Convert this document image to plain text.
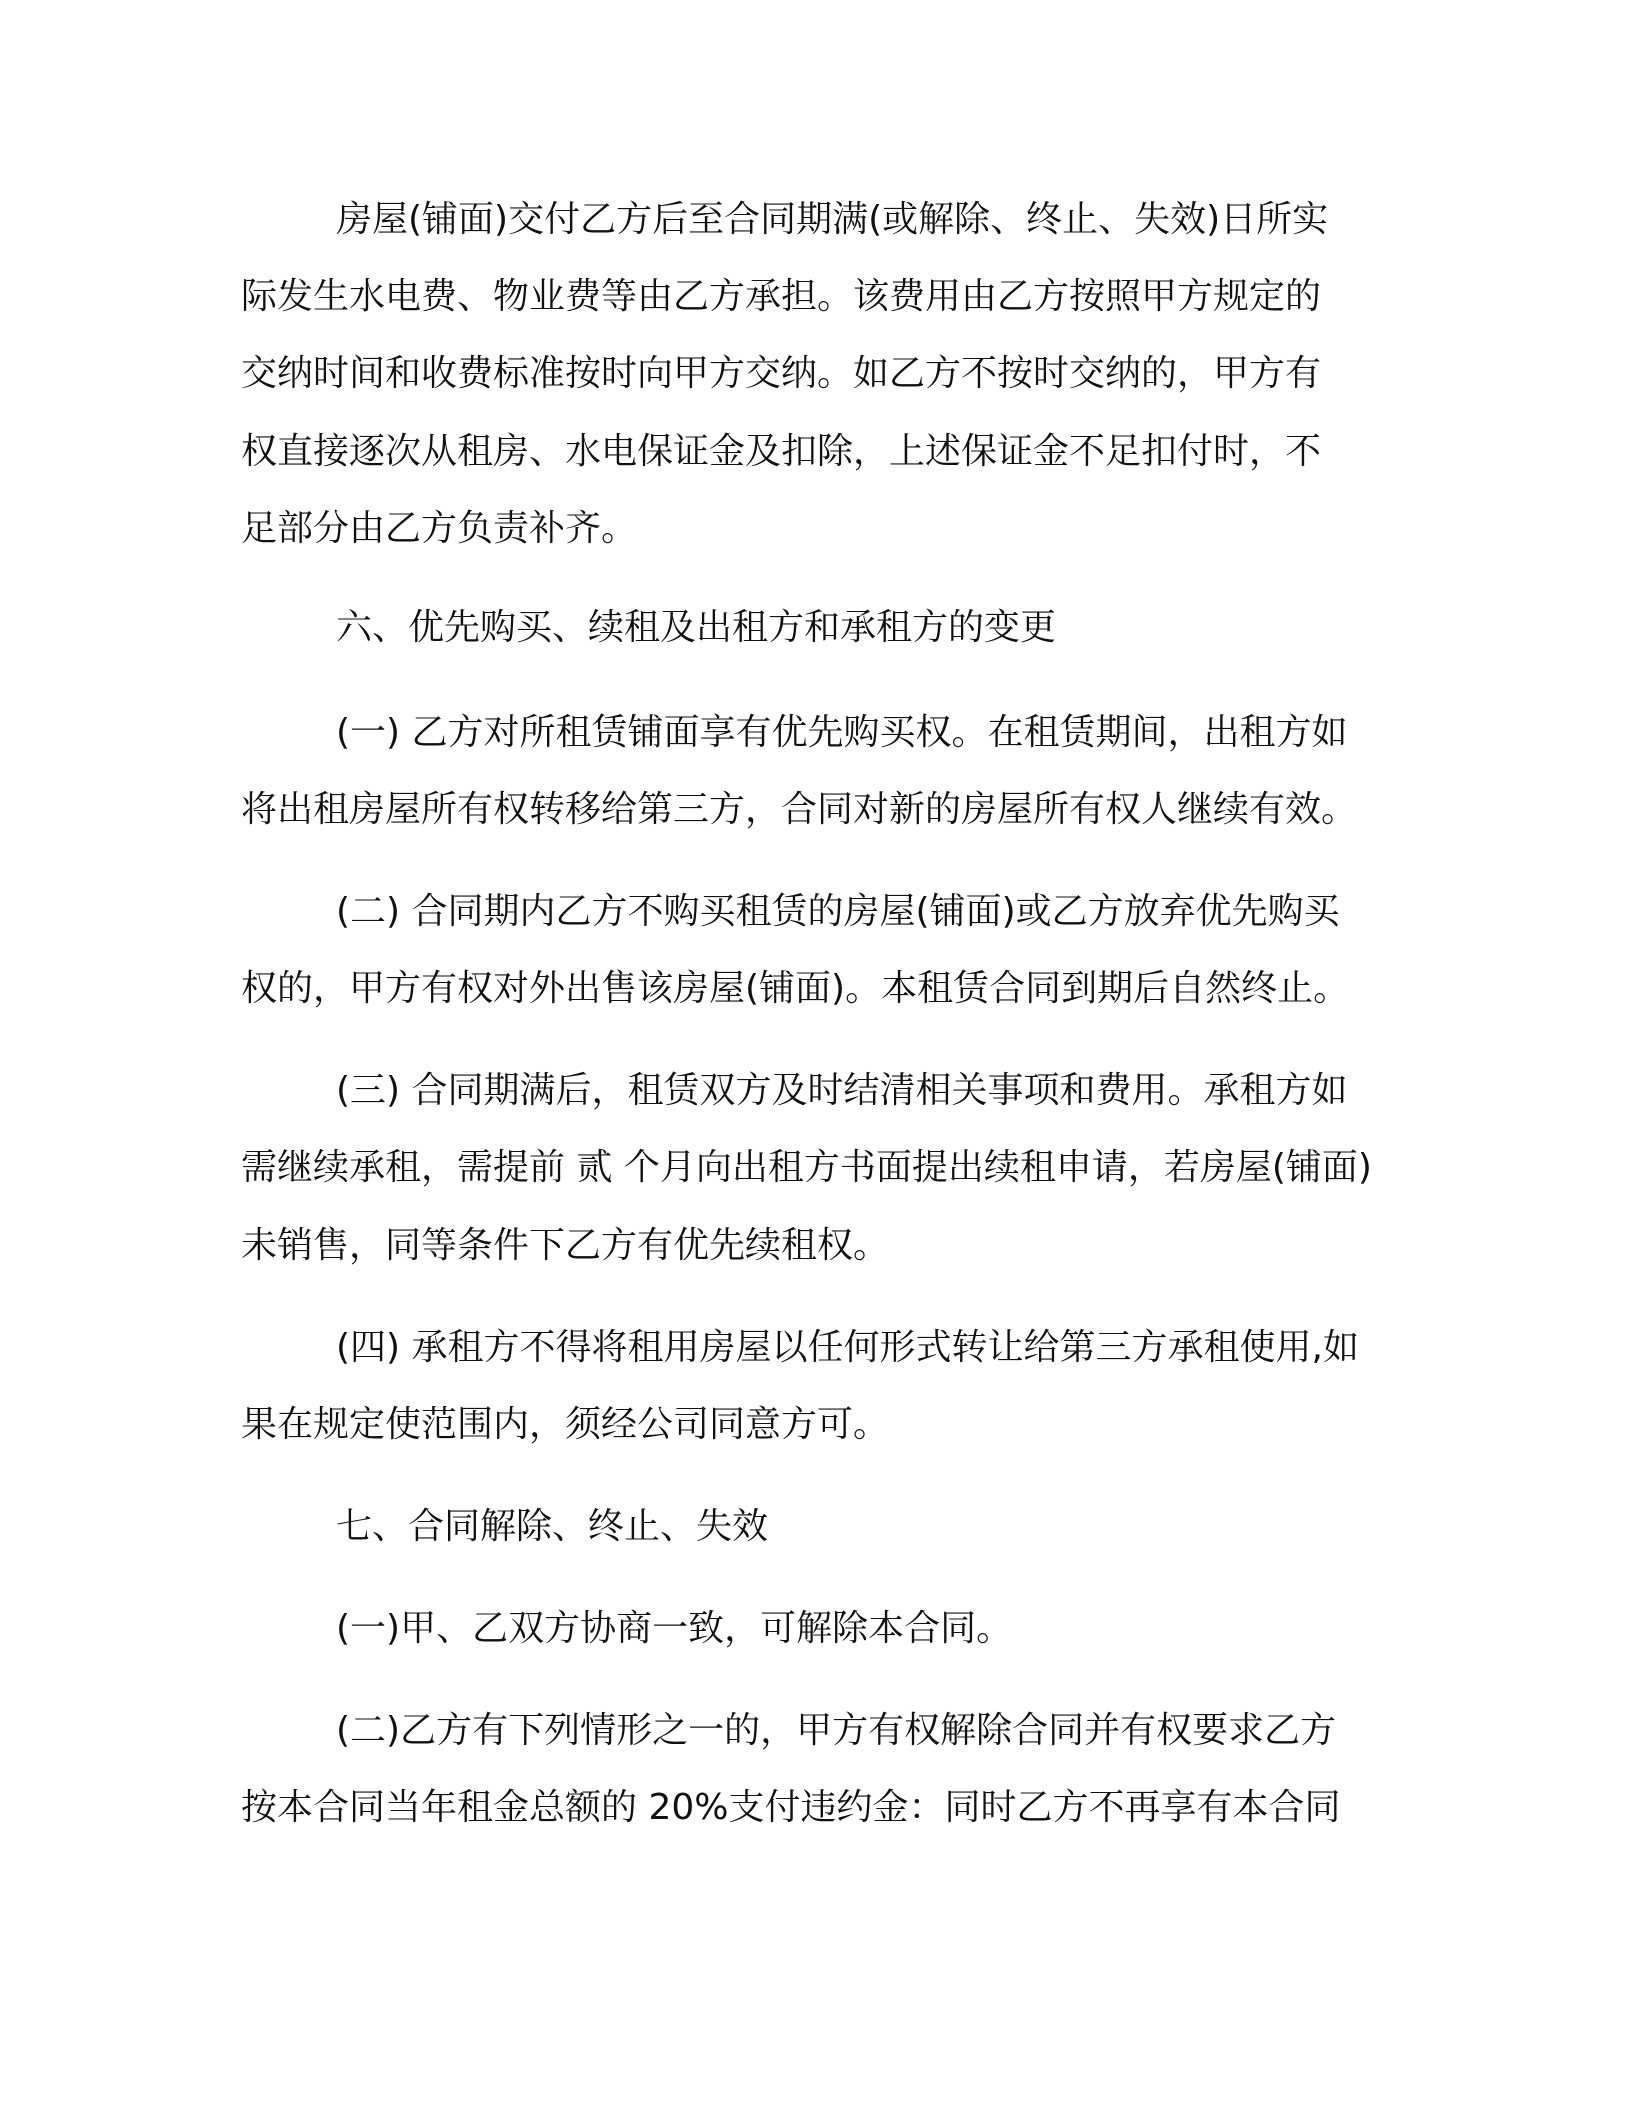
房屋(铺面)交付乙方后至合同期满(或解除、终止、失效)日所实
际发生水电费、物业费等由乙方承担。该费用由乙方按照甲方规定的
交纳时间和收费标准按时向甲方交纳。如乙方不按时交纳的，甲方有
权直接逐次从租房、水电保证金及扣除，上述保证金不足扣付时，不
足部分由乙方负责补齐。
六、优先购买、续租及出租方和承租方的变更
(一) 乙方对所租赁铺面享有优先购买权。在租赁期间，出租方如
将出租房屋所有权转移给第三方，合同对新的房屋所有权人继续有效。
(二) 合同期内乙方不购买租赁的房屋(铺面)或乙方放弃优先购买
权的，甲方有权对外出售该房屋(铺面)。本租赁合同到期后自然终止。
(三) 合同期满后，租赁双方及时结清相关事项和费用。承租方如
需继续承租，需提前 贰 个月向出租方书面提出续租申请，若房屋(铺面)
未销售，同等条件下乙方有优先续租权。
(四) 承租方不得将租用房屋以任何形式转让给第三方承租使用,如
果在规定使范围内，须经公司同意方可。
七、合同解除、终止、失效
(一)甲、乙双方协商一致，可解除本合同。
(二)乙方有下列情形之一的，甲方有权解除合同并有权要求乙方
按本合同当年租金总额的 20%支付违约金：同时乙方不再享有本合同
